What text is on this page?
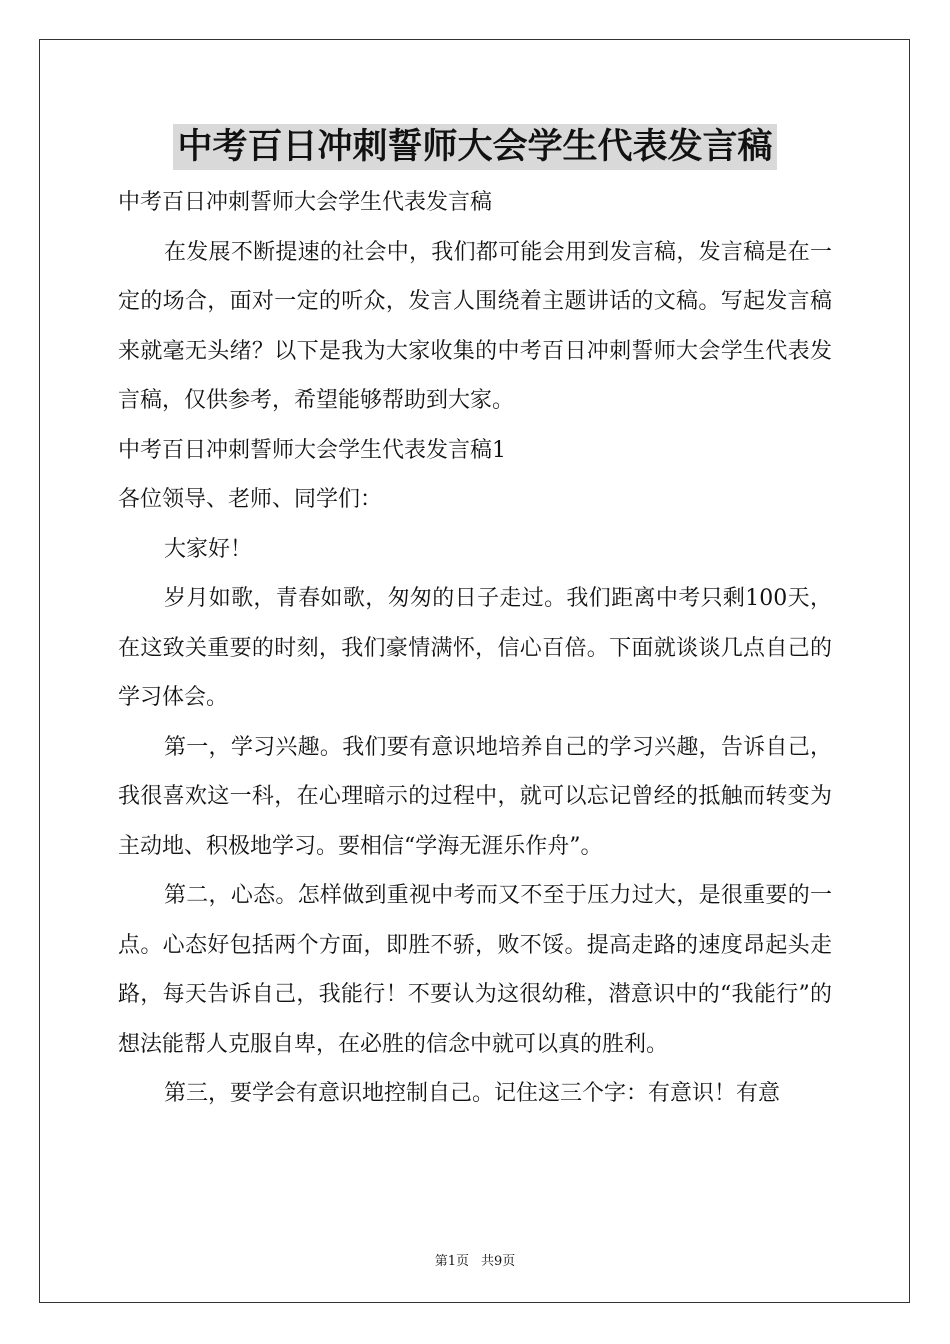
中考百日冲刺誓师大会学生代表发言稿

中考百日冲刺誓师大会学生代表发言稿

在发展不断提速的社会中，我们都可能会用到发言稿，发言稿是在一定的场合，面对一定的听众，发言人围绕着主题讲话的文稿。写起发言稿来就毫无头绪？以下是我为大家收集的中考百日冲刺誓师大会学生代表发言稿，仅供参考，希望能够帮助到大家。

中考百日冲刺誓师大会学生代表发言稿1

各位领导、老师、同学们：

大家好！

岁月如歌，青春如歌，匆匆的日子走过。我们距离中考只剩100天，在这致关重要的时刻，我们豪情满怀，信心百倍。下面就谈谈几点自己的学习体会。

第一，学习兴趣。我们要有意识地培养自己的学习兴趣，告诉自己，我很喜欢这一科，在心理暗示的过程中，就可以忘记曾经的抵触而转变为主动地、积极地学习。要相信“学海无涯乐作舟”。

第二，心态。怎样做到重视中考而又不至于压力过大，是很重要的一点。心态好包括两个方面，即胜不骄，败不馁。提高走路的速度昂起头走路，每天告诉自己，我能行！不要认为这很幼稚，潜意识中的“我能行”的想法能帮人克服自卑，在必胜的信念中就可以真的胜利。

第三，要学会有意识地控制自己。记住这三个字：有意识！有意

第1页 共9页
